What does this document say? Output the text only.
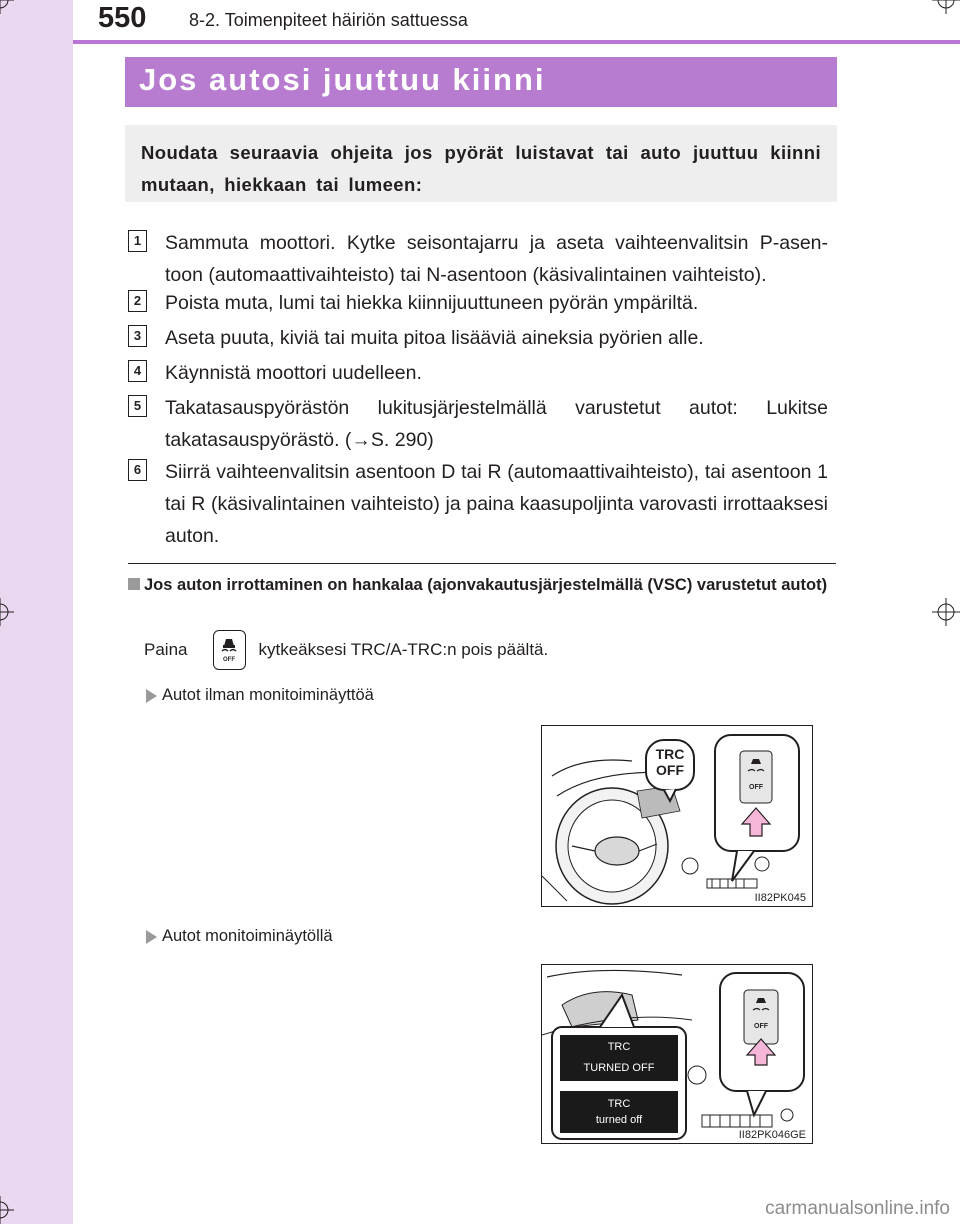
550 8-2. Toimenpiteet häiriön sattuessa
Jos autosi juuttuu kiinni

Noudata seuraavia ohjeita jos pyörät luistavat tai auto juuttuu kiinni mutaan, hiekkaan tai lumeen:

1	Sammuta moottori. Kytke seisontajarru ja aseta vaihteenvalitsin P-asen- toon (automaattivaihteisto) tai N-asentoon (käsivalintainen vaihteisto).
2	Poista muta, lumi tai hiekka kiinnijuuttuneen pyörän ympäriltä.
3	Aseta puuta, kiviä tai muita pitoa lisääviä aineksia pyörien alle.
4	Käynnistä moottori uudelleen.
5	Takatasauspyörästön lukitusjärjestelmällä varustetut autot: Lukitse takatasauspyörästö. (→S. 290)
6	Siirrä vaihteenvalitsin asentoon D tai R (automaattivaihteisto), tai asentoon 1 tai R (käsivalintainen vaihteisto) ja paina kaasupoljinta varovasti irrottaaksesi auton.
Jos auton irrottaminen on hankalaa (ajonvakautusjärjestelmällä (VSC) varustetut autot)
Paina
OFF
kytkeäksesi TRC/A-TRC:n pois päältä.
Autot ilman monitoiminäyttöä
TRC
OFF
OFF
II82PK045
Autot monitoiminäytöllä
TRC
TURNED OFF
TRC
turned off
OFF
II82PK046GE
carmanualsonline.info
